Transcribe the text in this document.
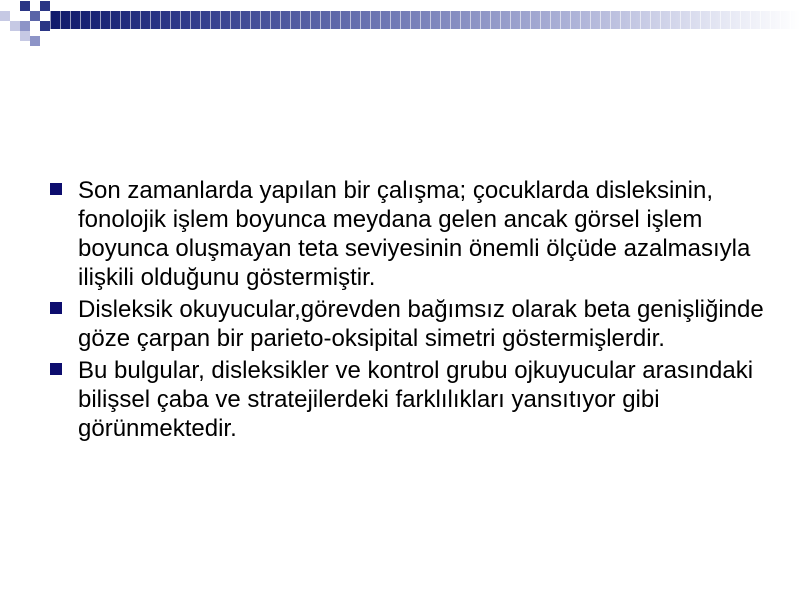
Son zamanlarda yapılan bir çalışma; çocuklarda disleksinin, fonolojik işlem boyunca meydana gelen ancak görsel işlem boyunca oluşmayan teta seviyesinin önemli ölçüde azalmasıyla ilişkili olduğunu göstermiştir.
Disleksik okuyucular,görevden bağımsız olarak beta genişliğinde göze çarpan bir parieto-oksipital simetri göstermişlerdir.
Bu bulgular, disleksikler ve kontrol grubu ojkuyucular arasındaki bilişsel çaba ve stratejilerdeki farklılıkları yansıtıyor gibi görünmektedir.
